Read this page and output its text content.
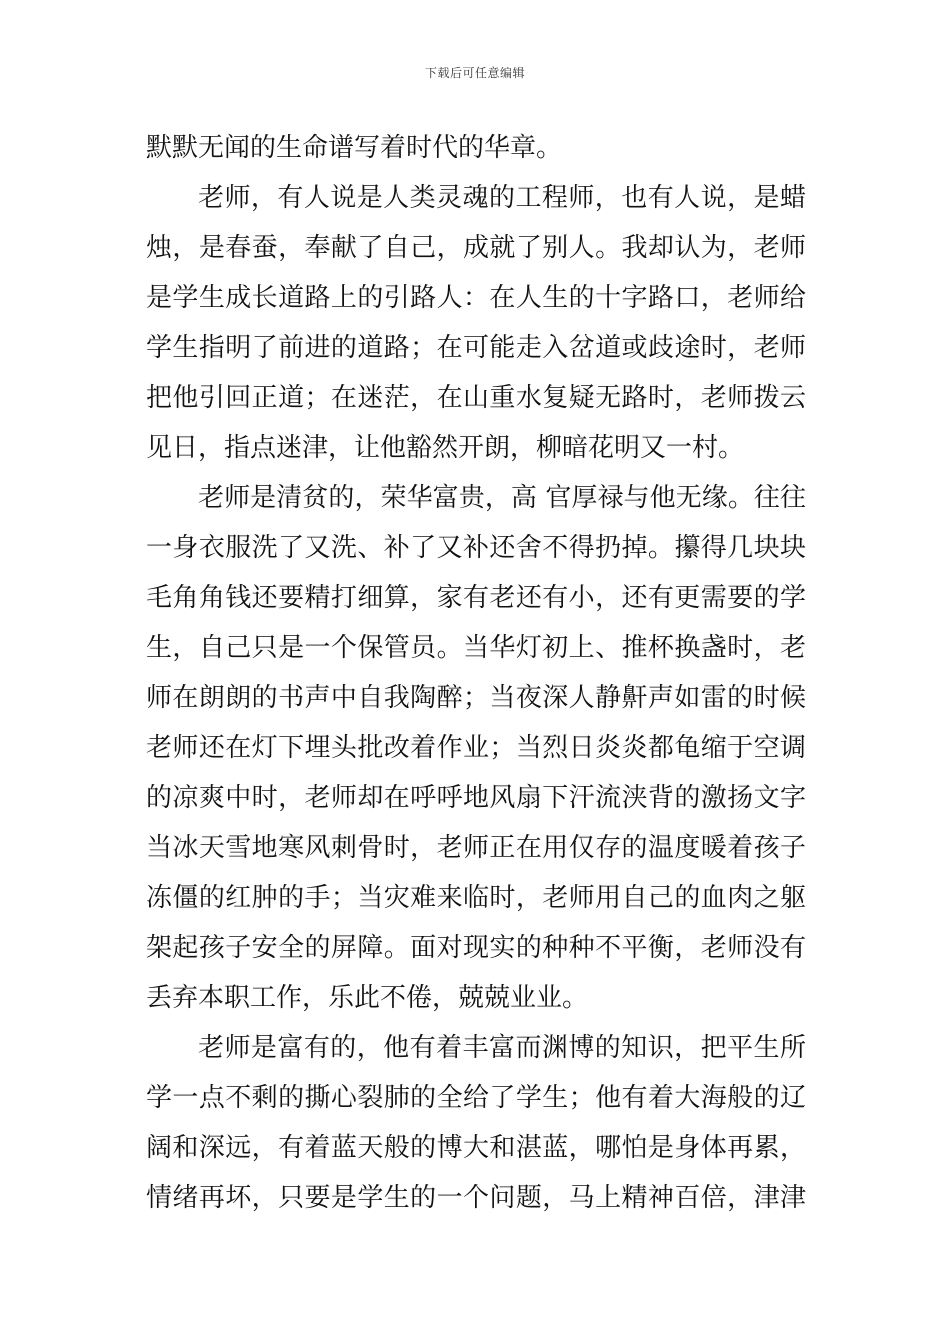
下载后可任意编辑
默默无闻的生命谱写着时代的华章。
老师，有人说是人类灵魂的工程师，也有人说，是蜡
烛，是春蚕，奉献了自己，成就了别人。我却认为，老师
是学生成长道路上的引路人：在人生的十字路口，老师给
学生指明了前进的道路；在可能走入岔道或歧途时，老师
把他引回正道；在迷茫，在山重水复疑无路时，老师拨云
见日，指点迷津，让他豁然开朗，柳暗花明又一村。
老师是清贫的，荣华富贵，高 官厚禄与他无缘。往往
一身衣服洗了又洗、补了又补还舍不得扔掉。攥得几块块
毛角角钱还要精打细算，家有老还有小，还有更需要的学
生，自己只是一个保管员。当华灯初上、推杯换盏时，老
师在朗朗的书声中自我陶醉；当夜深人静鼾声如雷的时候
老师还在灯下埋头批改着作业；当烈日炎炎都龟缩于空调
的凉爽中时，老师却在呼呼地风扇下汗流浃背的激扬文字
当冰天雪地寒风刺骨时，老师正在用仅存的温度暖着孩子
冻僵的红肿的手；当灾难来临时，老师用自己的血肉之躯
架起孩子安全的屏障。面对现实的种种不平衡，老师没有
丢弃本职工作，乐此不倦，兢兢业业。
老师是富有的，他有着丰富而渊博的知识，把平生所
学一点不剩的撕心裂肺的全给了学生；他有着大海般的辽
阔和深远，有着蓝天般的博大和湛蓝，哪怕是身体再累，
情绪再坏，只要是学生的一个问题，马上精神百倍，津津
